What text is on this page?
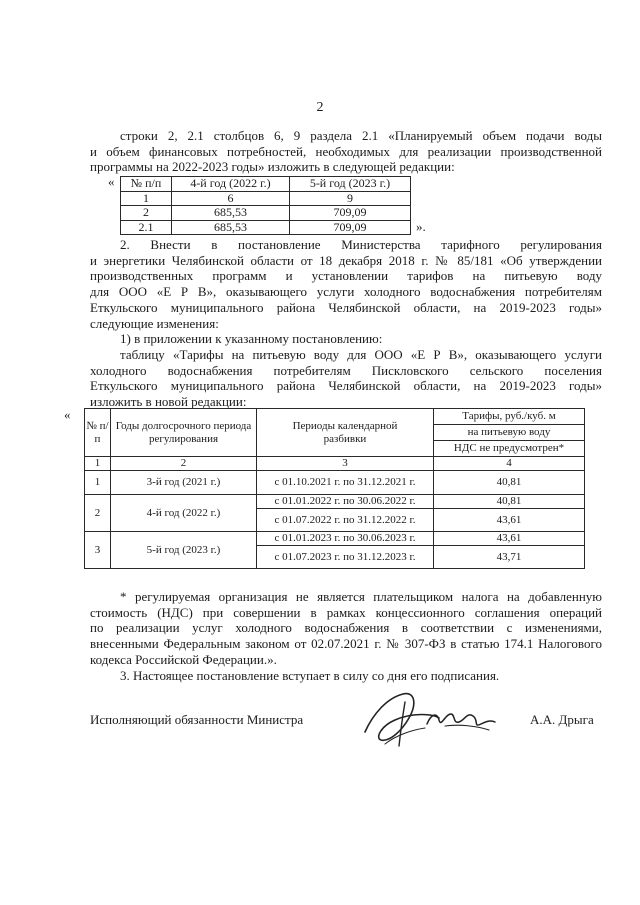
2
строки 2, 2.1 столбцов 6, 9 раздела 2.1 «Планируемый объем подачи воды
и объем финансовых потребностей, необходимых для реализации производственной
программы на 2022-2023 годы» изложить в следующей редакции:
« № п/п	4-й год (2022 г.)	5-й год (2023 г.)
1	6	9
2	685,53	709,09
2.1	685,53	709,09	».
2. Внести в постановление Министерства тарифного регулирования
и энергетики Челябинской области от 18 декабря 2018 г. № 85/181 «Об утверждении
производственных программ и установлении тарифов на питьевую воду
для ООО «Е Р В», оказывающего услуги холодного водоснабжения потребителям
Еткульского муниципального района Челябинской области, на 2019-2023 годы»
следующие изменения:
1) в приложении к указанному постановлению:
таблицу «Тарифы на питьевую воду для ООО «Е Р В», оказывающего услуги
холодного водоснабжения потребителям Писклoвского сельского поселения
Еткульского муниципального района Челябинской области, на 2019-2023 годы»
изложить в новой редакции:
«
№ п/п	Годы долгосрочного периода регулирования	Периоды календарной разбивки	Тарифы, руб./куб. м
			на питьевую воду
			НДС не предусмотрен*
1	2	3	4
1	3-й год (2021 г.)	с 01.10.2021 г. по 31.12.2021 г.	40,81
2	4-й год (2022 г.)	с 01.01.2022 г. по 30.06.2022 г.	40,81
		с 01.07.2022 г. по 31.12.2022 г.	43,61
3	5-й год (2023 г.)	с 01.01.2023 г. по 30.06.2023 г.	43,61
		с 01.07.2023 г. по 31.12.2023 г.	43,71
* регулируемая организация не является плательщиком налога на добавленную
стоимость (НДС) при совершении в рамках концессионного соглашения операций
по реализации услуг холодного водоснабжения в соответствии с изменениями,
внесенными Федеральным законом от 02.07.2021 г. № 307-ФЗ в статью 174.1 Налогового
кодекса Российской Федерации.».
3. Настоящее постановление вступает в силу со дня его подписания.
Исполняющий обязанности Министра	А.А. Дрыга
